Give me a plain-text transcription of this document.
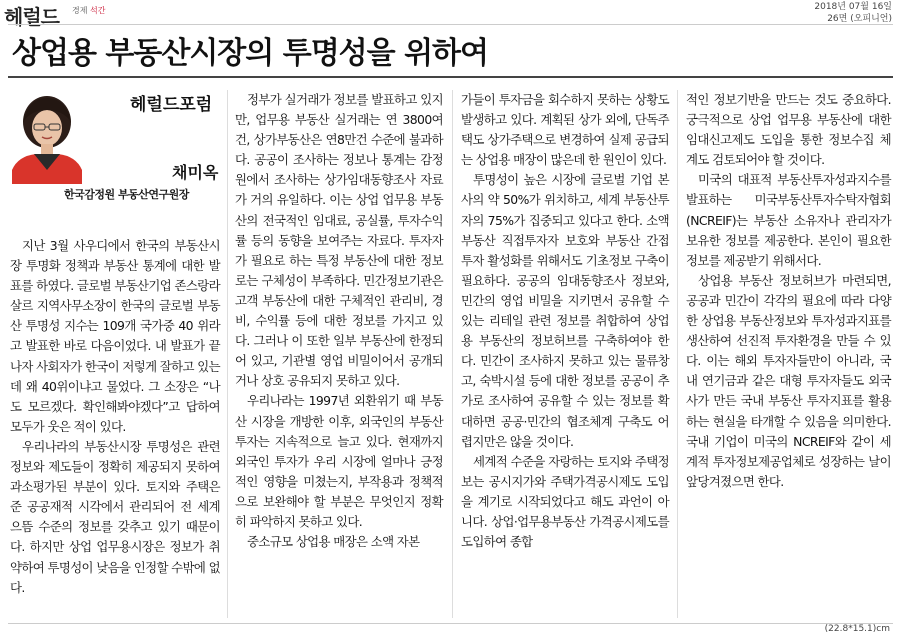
헤럴드 경제 석간	2018년 07월 16일
26면 (오피니언)
상업용 부동산시장의 투명성을 위하여
헤럴드포럼
채미옥
한국감정원 부동산연구원장

지난 3월 사우디에서 한국의 부동산시장 투명화 정책과 부동산 통계에 대한 발표를 하였다. 글로벌 부동산기업 존스랑라살르 지역사무소장이 한국의 글로벌 부동산 투명성 지수는 109개 국가중 40 위라고 발표한 바로 다음이었다. 내 발표가 끝나자 사회자가 한국이 저렇게 잘하고 있는데 왜 40위이냐고 물었다. 그 소장은 “나도 모르겠다. 확인해봐야겠다”고 답하여 모두가 웃은 적이 있다.

우리나라의 부동산시장 투명성은 관련 정보와 제도들이 정확히 제공되지 못하여 과소평가된 부분이 있다. 토지와 주택은 준 공공재적 시각에서 관리되어 전 세계 으뜸 수준의 정보를 갖추고 있기 때문이다. 하지만 상업 업무용시장은 정보가 취약하여 투명성이 낮음을 인정할 수밖에 없다.

정부가 실거래가 정보를 발표하고 있지만, 업무용 부동산 실거래는 연 3800여건, 상가부동산은 연8만건 수준에 불과하다. 공공이 조사하는 정보나 통계는 감정원에서 조사하는 상가임대동향조사 자료가 거의 유일하다. 이는 상업 업무용 부동산의 전국적인 임대료, 공실률, 투자수익률 등의 동향을 보여주는 자료다. 투자자가 필요로 하는 특정 부동산에 대한 정보로는 구체성이 부족하다. 민간정보기관은 고객 부동산에 대한 구체적인 관리비, 경비, 수익률 등에 대한 정보를 가지고 있다. 그러나 이 또한 일부 부동산에 한정되어 있고, 기관별 영업 비밀이어서 공개되거나 상호 공유되지 못하고 있다.

우리나라는 1997년 외환위기 때 부동산 시장을 개방한 이후, 외국인의 부동산 투자는 지속적으로 늘고 있다. 현재까지 외국인 투자가 우리 시장에 얼마나 긍정적인 영향을 미쳤는지, 부작용과 정책적으로 보완해야 할 부분은 무엇인지 정확히 파악하지 못하고 있다.

중소규모 상업용 매장은 소액 자본

가들이 투자금을 회수하지 못하는 상황도 발생하고 있다. 계획된 상가 외에, 단독주택도 상가주택으로 변경하여 실제 공급되는 상업용 매장이 많은데 한 원인이 있다.

투명성이 높은 시장에 글로벌 기업 본사의 약 50%가 위치하고, 세계 부동산투자의 75%가 집중되고 있다고 한다. 소액 부동산 직접투자자 보호와 부동산 간접 투자 활성화를 위해서도 기초정보 구축이 필요하다. 공공의 임대동향조사 정보와, 민간의 영업 비밀을 지키면서 공유할 수 있는 리테일 관련 정보를 취합하여 상업용 부동산의 정보허브를 구축하여야 한다. 민간이 조사하지 못하고 있는 물류창고, 숙박시설 등에 대한 정보를 공공이 추가로 조사하여 공유할 수 있는 정보를 확대하면 공공·민간의 협조체계 구축도 어렵지만은 않을 것이다.

세계적 수준을 자랑하는 토지와 주택정보는 공시지가와 주택가격공시제도 도입을 계기로 시작되었다고 해도 과언이 아니다. 상업·업무용부동산 가격공시제도를 도입하여 종합

적인 정보기반을 만드는 것도 중요하다. 궁극적으로 상업 업무용 부동산에 대한 임대신고제도 도입을 통한 정보수집 체계도 검토되어야 할 것이다.

미국의 대표적 부동산투자성과지수를 발표하는 미국부동산투자수탁자협회(NCREIF)는 부동산 소유자나 관리자가 보유한 정보를 제공한다. 본인이 필요한 정보를 제공받기 위해서다.

상업용 부동산 정보허브가 마련되면, 공공과 민간이 각각의 필요에 따라 다양한 상업용 부동산정보와 투자성과지표를 생산하여 선진적 투자환경을 만들 수 있다. 이는 해외 투자자들만이 아니라, 국내 연기금과 같은 대형 투자자들도 외국사가 만든 국내 부동산 투자지표를 활용하는 현실을 타개할 수 있음을 의미한다. 국내 기업이 미국의 NCREIF와 같이 세계적 투자정보제공업체로 성장하는 날이 앞당겨졌으면 한다.

(22.8*15.1)cm
